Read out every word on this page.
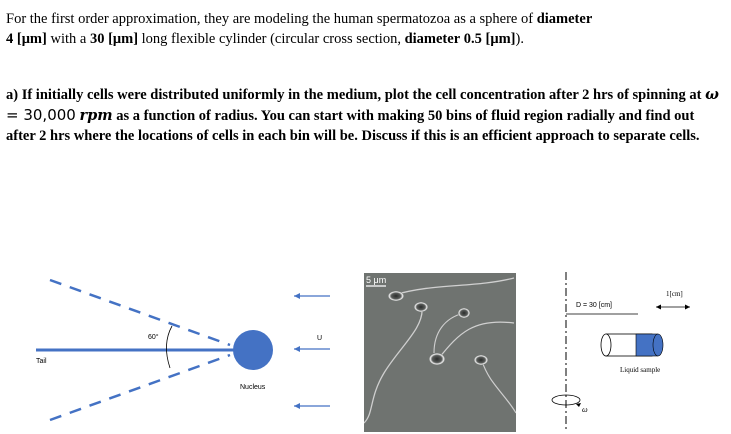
For the first order approximation, they are modeling the human spermatozoa as a sphere of diameter
4 [μm] with a 30 [μm] long flexible cylinder (circular cross section, diameter 0.5 [μm]).
a) If initially cells were distributed uniformly in the medium, plot the cell concentration after 2 hrs of spinning at ω = 30,000 rpm as a function of radius. You can start with making 50 bins of fluid region radially and find out after 2 hrs where the locations of cells in each bin will be. Discuss if this is an efficient approach to separate cells.
60°
Tail
Nucleus
U
5 μm
D = 30 [cm]
1[cm]
Liquid sample
ω
